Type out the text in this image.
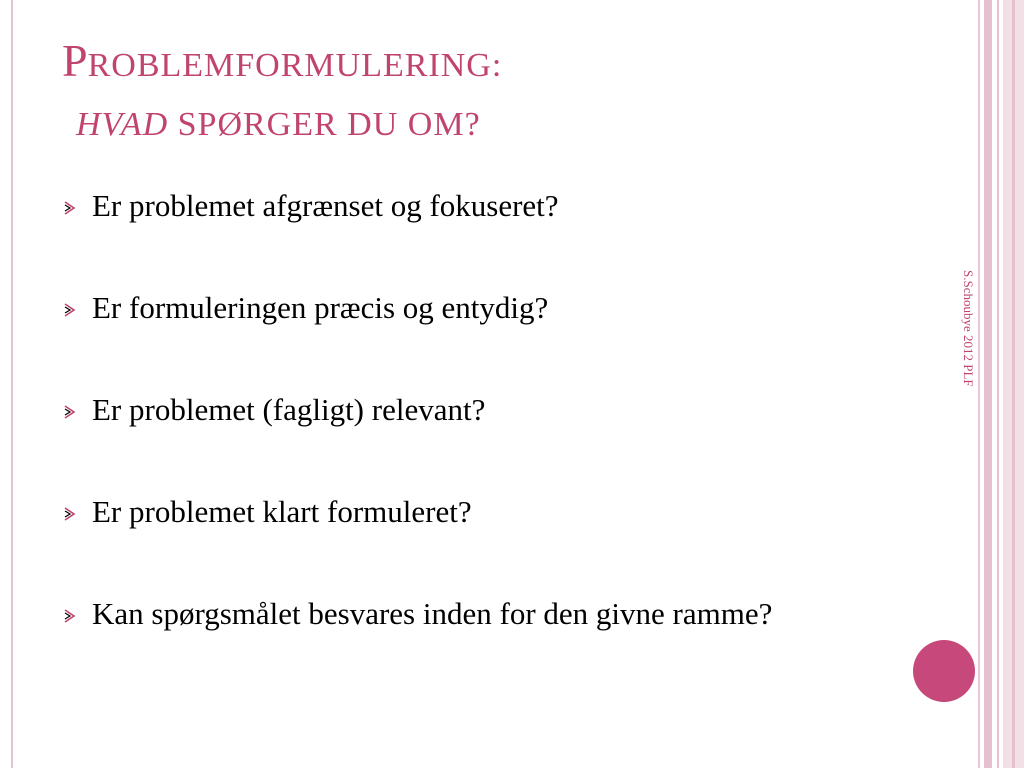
PROBLEMFORMULERING:
HVAD SPØRGER DU OM?
Er problemet afgrænset og fokuseret?
Er formuleringen præcis og entydig?
Er problemet (fagligt) relevant?
Er problemet klart formuleret?
Kan spørgsmålet besvares inden for den givne ramme?
S.Schoubye 2012 PLF
